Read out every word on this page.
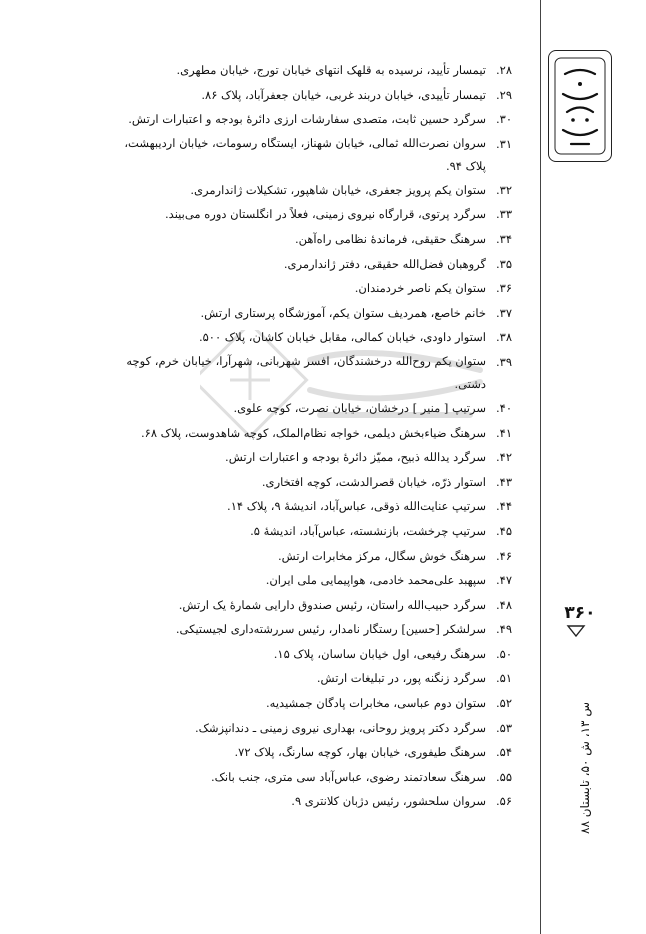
۲۸.
تیمسار تأیید، نرسیده به قلهک انتهای خیابان تورج، خیابان مطهری.
۲۹.
تیمسار تأییدی، خیابان دربند غربی، خیابان جعفرآباد، پلاک ۸۶.
۳۰.
سرگرد حسین ثابت، متصدی سفارشات ارزی دائرهٔ بودجه و اعتبارات ارتش.
۳۱.
سروان نصرت‌الله ثمالی، خیابان شهناز، ایستگاه رسومات، خیابان اردیبهشت، پلاک ۹۴.
۳۲.
ستوان یکم پرویز جعفری، خیابان شاهپور، تشکیلات ژاندارمری.
۳۳.
سرگرد پرتوی، قرارگاه نیروی زمینی، فعلاً در انگلستان دوره می‌بیند.
۳۴.
سرهنگ حقیقی، فرماندهٔ نظامی راه‌آهن.
۳۵.
گروهبان فضل‌الله حقیقی، دفتر ژاندارمری.
۳۶.
ستوان یکم ناصر خردمندان.
۳۷.
خانم خاصع، همردیف ستوان یکم، آموزشگاه پرستاری ارتش.
۳۸.
استوار داودی، خیابان کمالی، مقابل خیابان کاشان، پلاک ۵۰۰.
۳۹.
ستوان یکم روح‌الله درخشندگان، افسر شهربانی، شهرآرا، خیابان خرم، کوچه دشتی.
۴۰.
سرتیپ [ منیر ] درخشان، خیابان نصرت، کوچه علوی.
۴۱.
سرهنگ ضیاءبخش دیلمی، خواجه نظام‌الملک، کوچه شاهدوست، پلاک ۶۸.
۴۲.
سرگرد یدالله ذبیح، ممیّز دائرهٔ بودجه و اعتبارات ارتش.
۴۳.
استوار ذرّه، خیابان قصرالدشت، کوچه افتخاری.
۴۴.
سرتیپ عنایت‌الله ذوقی، عباس‌آباد، اندیشهٔ ۹، پلاک ۱۴.
۴۵.
سرتیپ چرخشت، بازنشسته، عباس‌آباد، اندیشهٔ ۵.
۴۶.
سرهنگ خوش سگال، مرکز مخابرات ارتش.
۴۷.
سپهبد علی‌محمد خادمی، هواپیمایی ملی ایران.
۴۸.
سرگرد حبیب‌الله راستان، رئیس صندوق دارایی شمارهٔ یک ارتش.
۴۹.
سرلشکر [حسین] رستگار نامدار، رئیس سررشته‌داری لجیستیکی.
۵۰.
سرهنگ رفیعی، اول خیابان ساسان، پلاک ۱۵.
۵۱.
سرگرد زنگنه پور، در تبلیغات ارتش.
۵۲.
ستوان دوم عباسی، مخابرات پادگان جمشیدیه.
۵۳.
سرگرد دکتر پرویز روحانی، بهداری نیروی زمینی ـ دندانپزشک.
۵۴.
سرهنگ طیفوری، خیابان بهار، کوچه سارنگ، پلاک ۷۲.
۵۵.
سرهنگ سعادتمند رضوی، عباس‌آباد سی متری، جنب بانک.
۵۶.
سروان سلحشور، رئیس دژبان کلانتری ۹.
۳۶۰
س ۱۳، ش ۵۰، تابستان ۸۸
